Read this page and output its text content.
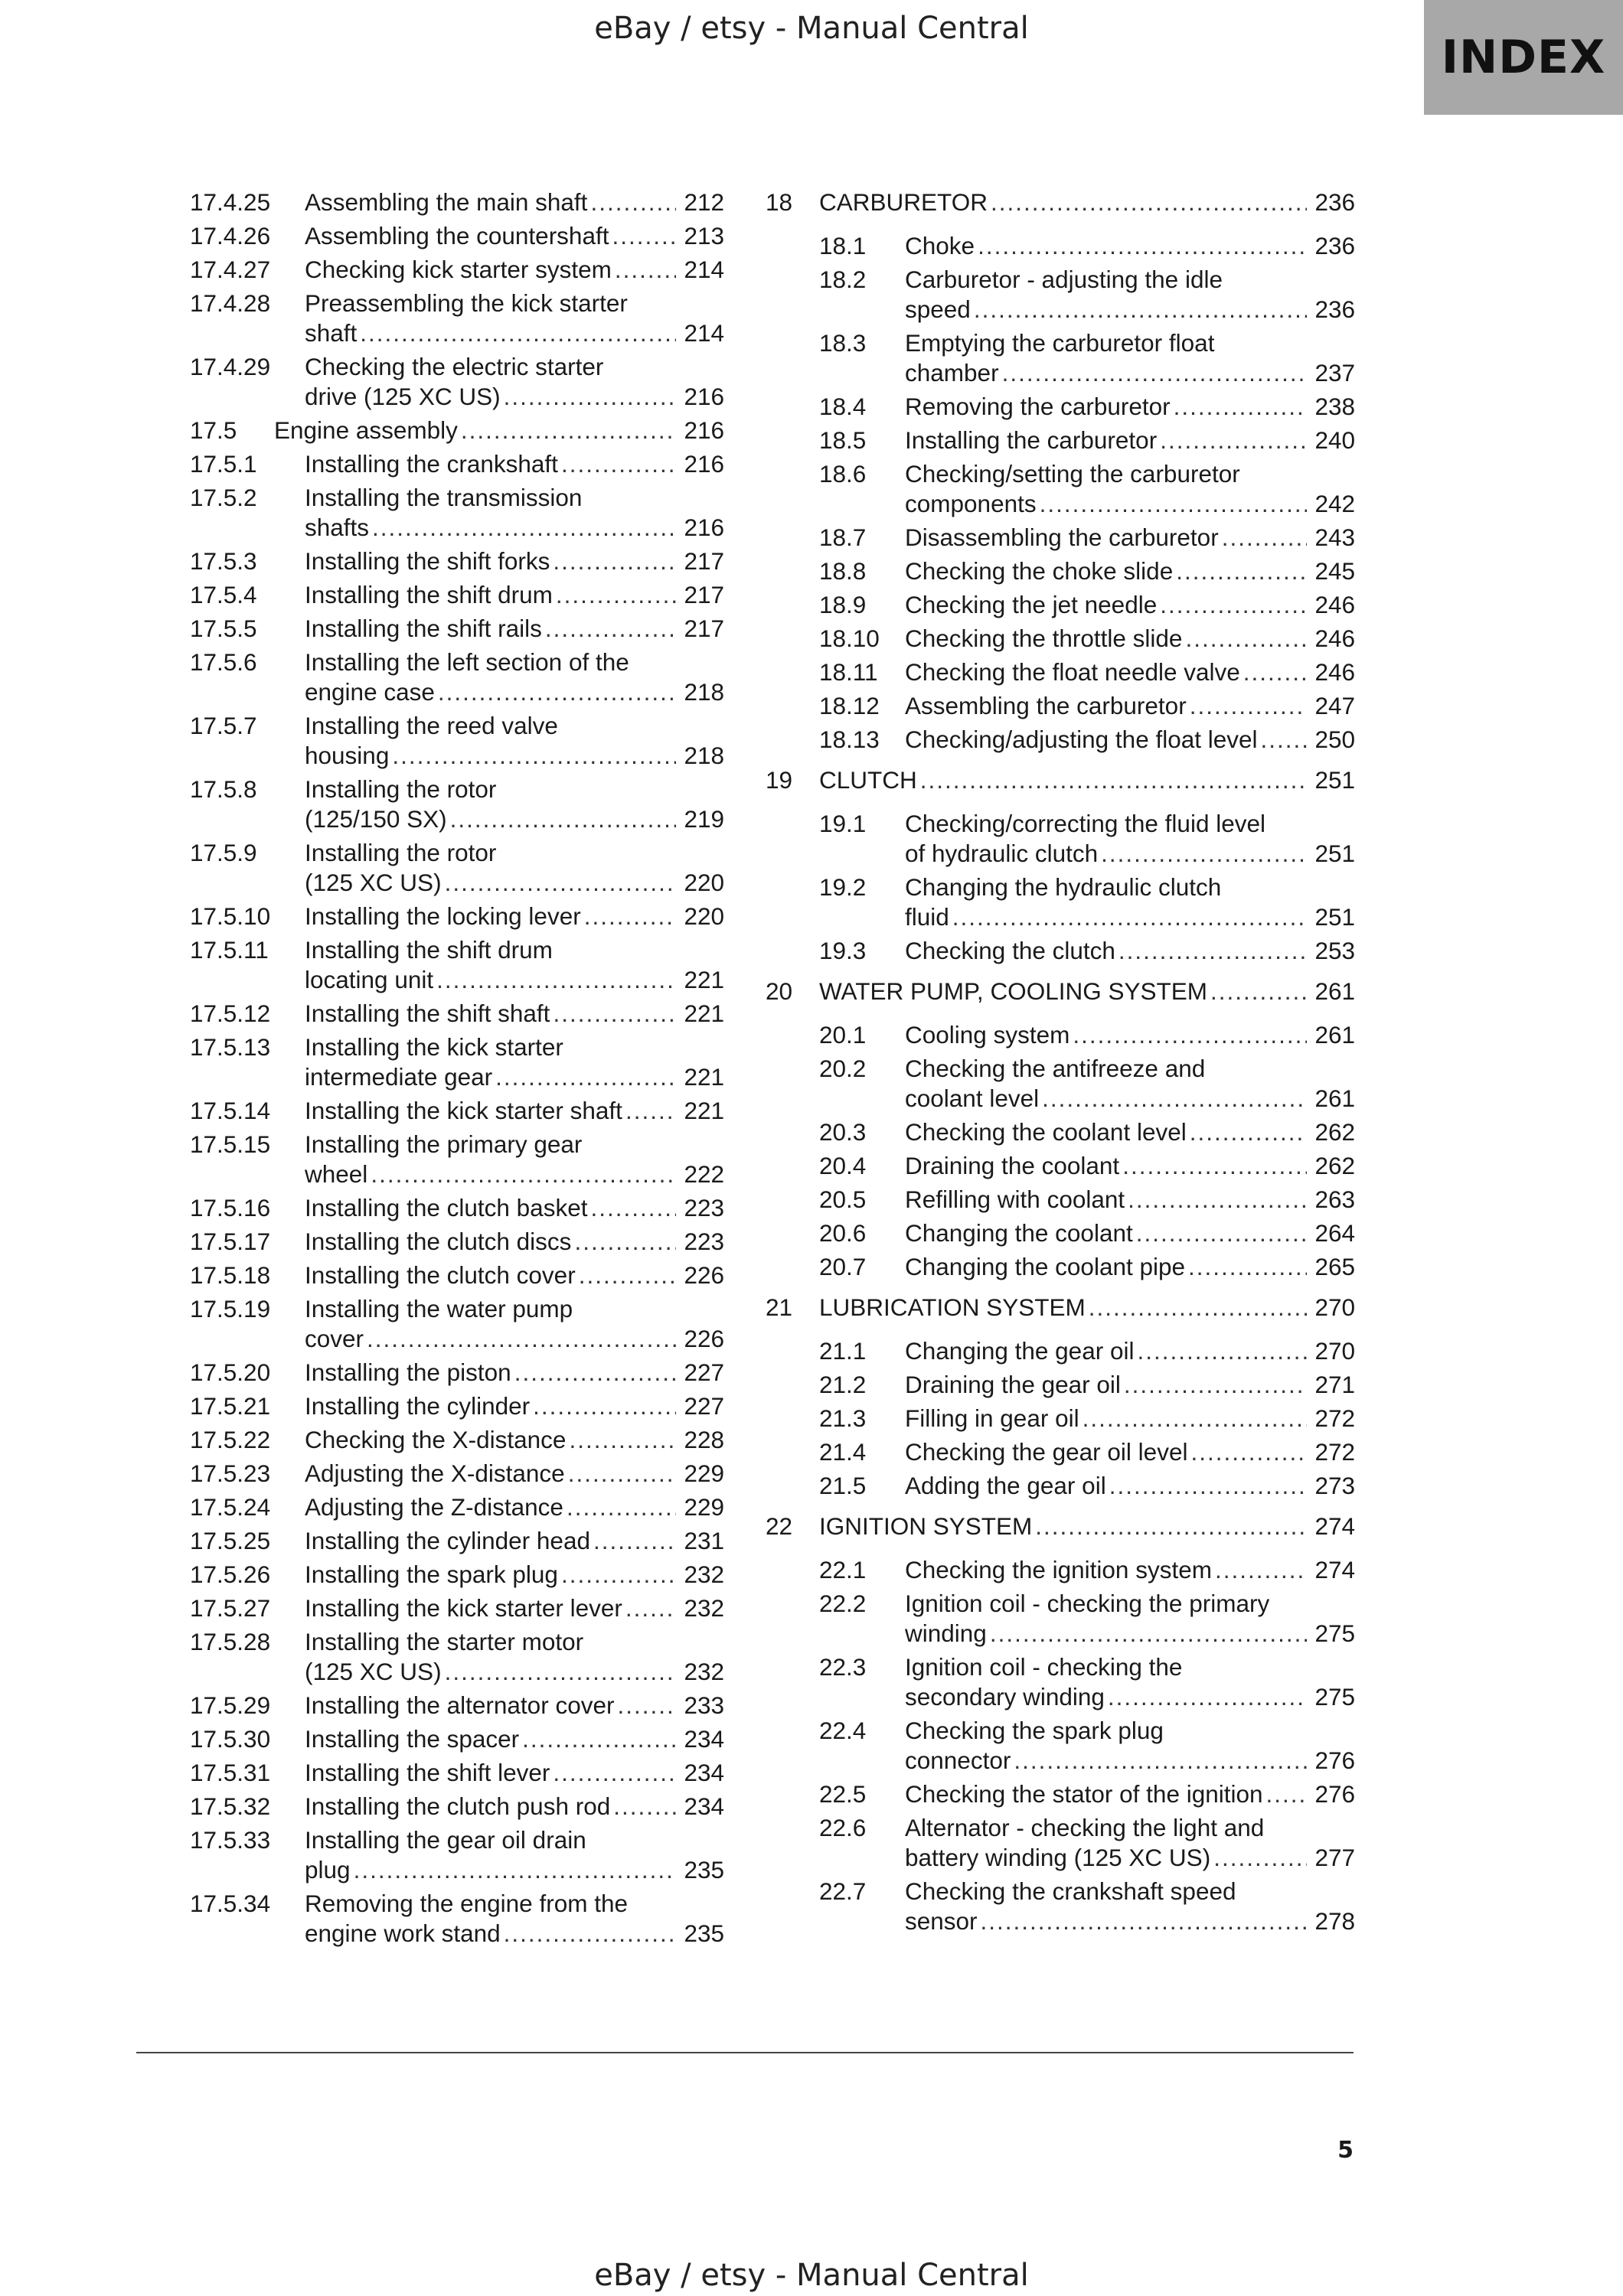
eBay / etsy - Manual Central
INDEX
17.4.25 Assembling the main shaft .....	212
17.4.26 Assembling the countershaft .....	213
17.4.27 Checking kick starter system .....	214
17.4.28 Preassembling the kick starter
shaft .....	214
17.4.29 Checking the electric starter
drive (125 XC US) .....	216
17.5 Engine assembly .....	216
17.5.1 Installing the crankshaft .....	216
17.5.2 Installing the transmission
shafts .....	216
17.5.3 Installing the shift forks .....	217
17.5.4 Installing the shift drum .....	217
17.5.5 Installing the shift rails .....	217
17.5.6 Installing the left section of the
engine case .....	218
17.5.7 Installing the reed valve
housing .....	218
17.5.8 Installing the rotor
(125/150 SX) .....	219
17.5.9 Installing the rotor
(125 XC US) .....	220
17.5.10 Installing the locking lever .....	220
17.5.11 Installing the shift drum
locating unit .....	221
17.5.12 Installing the shift shaft .....	221
17.5.13 Installing the kick starter
intermediate gear .....	221
17.5.14 Installing the kick starter shaft .....	221
17.5.15 Installing the primary gear
wheel .....	222
17.5.16 Installing the clutch basket .....	223
17.5.17 Installing the clutch discs .....	223
17.5.18 Installing the clutch cover .....	226
17.5.19 Installing the water pump
cover .....	226
17.5.20 Installing the piston .....	227
17.5.21 Installing the cylinder .....	227
17.5.22 Checking the X-distance .....	228
17.5.23 Adjusting the X-distance .....	229
17.5.24 Adjusting the Z-distance .....	229
17.5.25 Installing the cylinder head .....	231
17.5.26 Installing the spark plug .....	232
17.5.27 Installing the kick starter lever .....	232
17.5.28 Installing the starter motor
(125 XC US) .....	232
17.5.29 Installing the alternator cover .....	233
17.5.30 Installing the spacer .....	234
17.5.31 Installing the shift lever .....	234
17.5.32 Installing the clutch push rod .....	234
17.5.33 Installing the gear oil drain
plug .....	235
17.5.34 Removing the engine from the
engine work stand .....	235
18 CARBURETOR .....	236
18.1 Choke .....	236
18.2 Carburetor - adjusting the idle
speed .....	236
18.3 Emptying the carburetor float
chamber .....	237
18.4 Removing the carburetor .....	238
18.5 Installing the carburetor .....	240
18.6 Checking/setting the carburetor
components .....	242
18.7 Disassembling the carburetor .....	243
18.8 Checking the choke slide .....	245
18.9 Checking the jet needle .....	246
18.10 Checking the throttle slide .....	246
18.11 Checking the float needle valve .....	246
18.12 Assembling the carburetor .....	247
18.13 Checking/adjusting the float level ..... 250
19 CLUTCH .....	251
19.1 Checking/correcting the fluid level
of hydraulic clutch .....	251
19.2 Changing the hydraulic clutch
fluid .....	251
19.3 Checking the clutch .....	253
20 WATER PUMP, COOLING SYSTEM .....	261
20.1 Cooling system .....	261
20.2 Checking the antifreeze and
coolant level .....	261
20.3 Checking the coolant level .....	262
20.4 Draining the coolant .....	262
20.5 Refilling with coolant .....	263
20.6 Changing the coolant .....	264
20.7 Changing the coolant pipe .....	265
21 LUBRICATION SYSTEM .....	270
21.1 Changing the gear oil .....	270
21.2 Draining the gear oil .....	271
21.3 Filling in gear oil .....	272
21.4 Checking the gear oil level .....	272
21.5 Adding the gear oil .....	273
22 IGNITION SYSTEM .....	274
22.1 Checking the ignition system .....	274
22.2 Ignition coil - checking the primary
winding .....	275
22.3 Ignition coil - checking the
secondary winding .....	275
22.4 Checking the spark plug
connector .....	276
22.5 Checking the stator of the ignition ..... 276
22.6 Alternator - checking the light and
battery winding (125 XC US) .....	277
22.7 Checking the crankshaft speed
sensor .....	278
5
eBay / etsy - Manual Central
